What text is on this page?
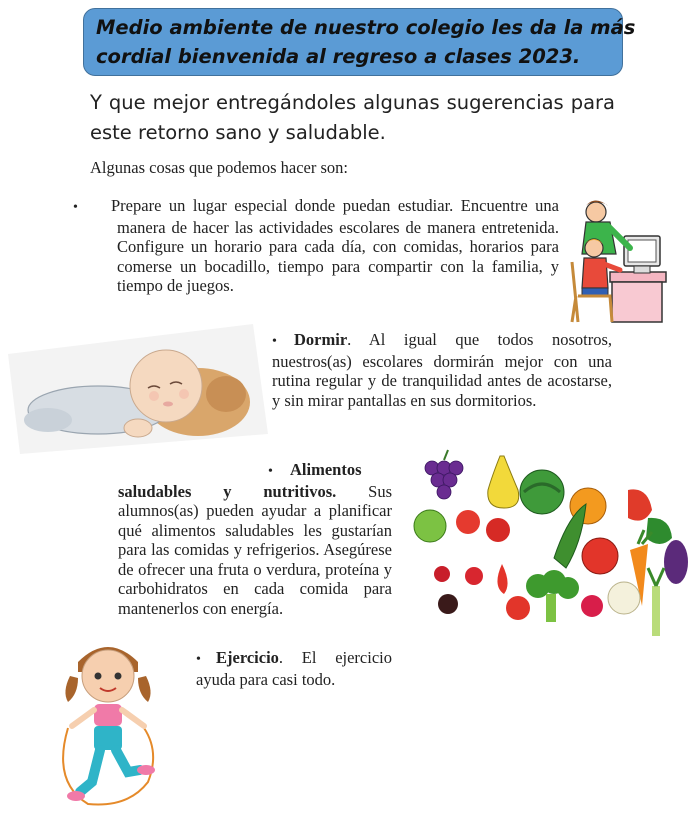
Medio ambiente de nuestro colegio les da la más
cordial bienvenida al regreso a clases 2023.
Y que mejor entregándoles algunas sugerencias para este retorno sano y saludable.
Algunas cosas que podemos hacer son:
• Prepare un lugar especial donde puedan estudiar. Encuentre una manera de hacer las actividades escolares de manera entretenida. Configure un horario para cada día, con comidas, horarios para comerse un bocadillo, tiempo para compartir con la familia, y tiempo de juegos.
• Dormir. Al igual que todos nosotros, nuestros(as) escolares dormirán mejor con una rutina regular y de tranquilidad antes de acostarse, y sin mirar pantallas en sus dormitorios.
• Alimentos saludables y nutritivos. Sus alumnos(as) pueden ayudar a planificar qué alimentos saludables les gustarían para las comidas y refrigerios. Asegúrese de ofrecer una fruta o verdura, proteína y carbohidratos en cada comida para mantenerlos con energía.
• Ejercicio. El ejercicio ayuda para casi todo.
